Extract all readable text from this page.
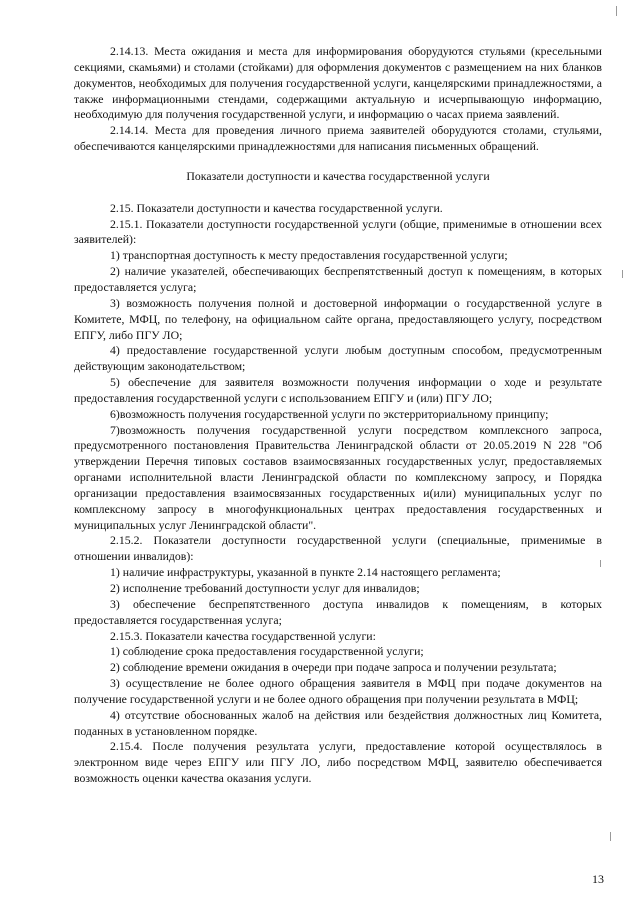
2.14.13. Места ожидания и места для информирования оборудуются стульями (кресельными секциями, скамьями) и столами (стойками) для оформления документов с размещением на них бланков документов, необходимых для получения государственной услуги, канцелярскими принадлежностями, а также информационными стендами, содержащими актуальную и исчерпывающую информацию, необходимую для получения государственной услуги, и информацию о часах приема заявлений.

2.14.14. Места для проведения личного приема заявителей оборудуются столами, стульями, обеспечиваются канцелярскими принадлежностями для написания письменных обращений.

Показатели доступности и качества государственной услуги

2.15. Показатели доступности и качества государственной услуги.

2.15.1. Показатели доступности государственной услуги (общие, применимые в отношении всех заявителей):

1) транспортная доступность к месту предоставления государственной услуги;

2) наличие указателей, обеспечивающих беспрепятственный доступ к помещениям, в которых предоставляется услуга;

3) возможность получения полной и достоверной информации о государственной услуге в Комитете, МФЦ, по телефону, на официальном сайте органа, предоставляющего услугу, посредством ЕПГУ, либо ПГУ ЛО;

4) предоставление государственной услуги любым доступным способом, предусмотренным действующим законодательством;

5) обеспечение для заявителя возможности получения информации о ходе и результате предоставления государственной услуги с использованием ЕПГУ и (или) ПГУ ЛО;

6)возможность получения государственной услуги по экстерриториальному принципу;

7)возможность получения государственной услуги посредством комплексного запроса, предусмотренного постановления Правительства Ленинградской области от 20.05.2019 N 228 "Об утверждении Перечня типовых составов взаимосвязанных государственных услуг, предоставляемых органами исполнительной власти Ленинградской области по комплексному запросу, и Порядка организации предоставления взаимосвязанных государственных и(или) муниципальных услуг по комплексному запросу в многофункциональных центрах предоставления государственных и муниципальных услуг Ленинградской области".

2.15.2. Показатели доступности государственной услуги (специальные, применимые в отношении инвалидов):

1) наличие инфраструктуры, указанной в пункте 2.14 настоящего регламента;

2) исполнение требований доступности услуг для инвалидов;

3) обеспечение беспрепятственного доступа инвалидов к помещениям, в которых предоставляется государственная услуга;

2.15.3. Показатели качества государственной услуги:

1) соблюдение срока предоставления государственной услуги;

2) соблюдение времени ожидания в очереди при подаче запроса и получении результата;

3) осуществление не более одного обращения заявителя в МФЦ при подаче документов на получение государственной услуги и не более одного обращения при получении результата в МФЦ;

4) отсутствие обоснованных жалоб на действия или бездействия должностных лиц Комитета, поданных в установленном порядке.

2.15.4. После получения результата услуги, предоставление которой осуществлялось в электронном виде через ЕПГУ или ПГУ ЛО, либо посредством МФЦ, заявителю обеспечивается возможность оценки качества оказания услуги.

13
